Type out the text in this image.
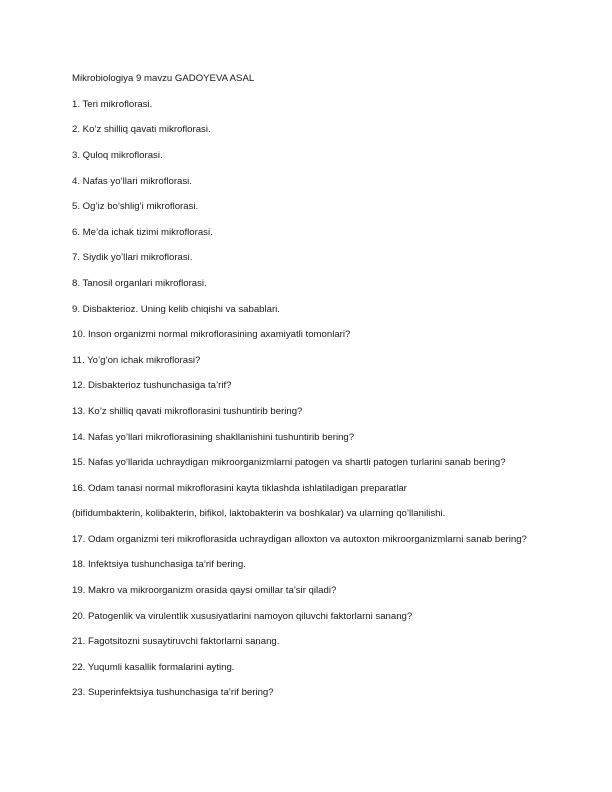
Mikrobiologiya 9 mavzu GADOYEVA ASAL

1. Teri mikroflorasi.

2. Ko’z shilliq qavati mikroflorasi.

3. Quloq mikroflorasi.

4. Nafas yo’llari mikroflorasi.

5. Og’iz bo’shlig’i mikroflorasi.

6. Me’da ichak tizimi mikroflorasi.

7. Siydik yo’llari mikroflorasi.

8. Tanosil organlari mikroflorasi.

9. Disbakterioz. Uning kelib chiqishi va sabablari.

10. Inson organizmi normal mikroflorasining axamiyatli tomonlari?

11. Yo’g’on ichak mikroflorasi?

12. Disbakterioz tushunchasiga ta’rif?

13. Ko’z shilliq qavati mikroflorasini tushuntirib bering?

14. Nafas yo’llari mikroflorasining shakllanishini tushuntirib bering?

15. Nafas yo’llarida uchraydigan mikroorganizmlarni patogen va shartli patogen turlarini sanab bering?

16. Odam tanasi normal mikroflorasini kayta tiklashda ishlatiladigan preparatlar

(bifidumbakterin, kolibakterin, bifikol, laktobakterin va boshkalar) va ularning qo’llanilishi.

17. Odam organizmi teri mikroflorasida uchraydigan alloxton va autoxton mikroorganizmlarni sanab bering?

18. Infektsiya tushunchasiga ta’rif bering.

19. Makro va mikroorganizm orasida qaysi omillar ta’sir qiladi?

20. Patogenlik va virulentlik xususiyatlarini namoyon qiluvchi faktorlarni sanang?

21. Fagotsitozni susaytiruvchi faktorlarni sanang.

22. Yuqumli kasallik formalarini ayting.

23. Superinfektsiya tushunchasiga ta’rif bering?
